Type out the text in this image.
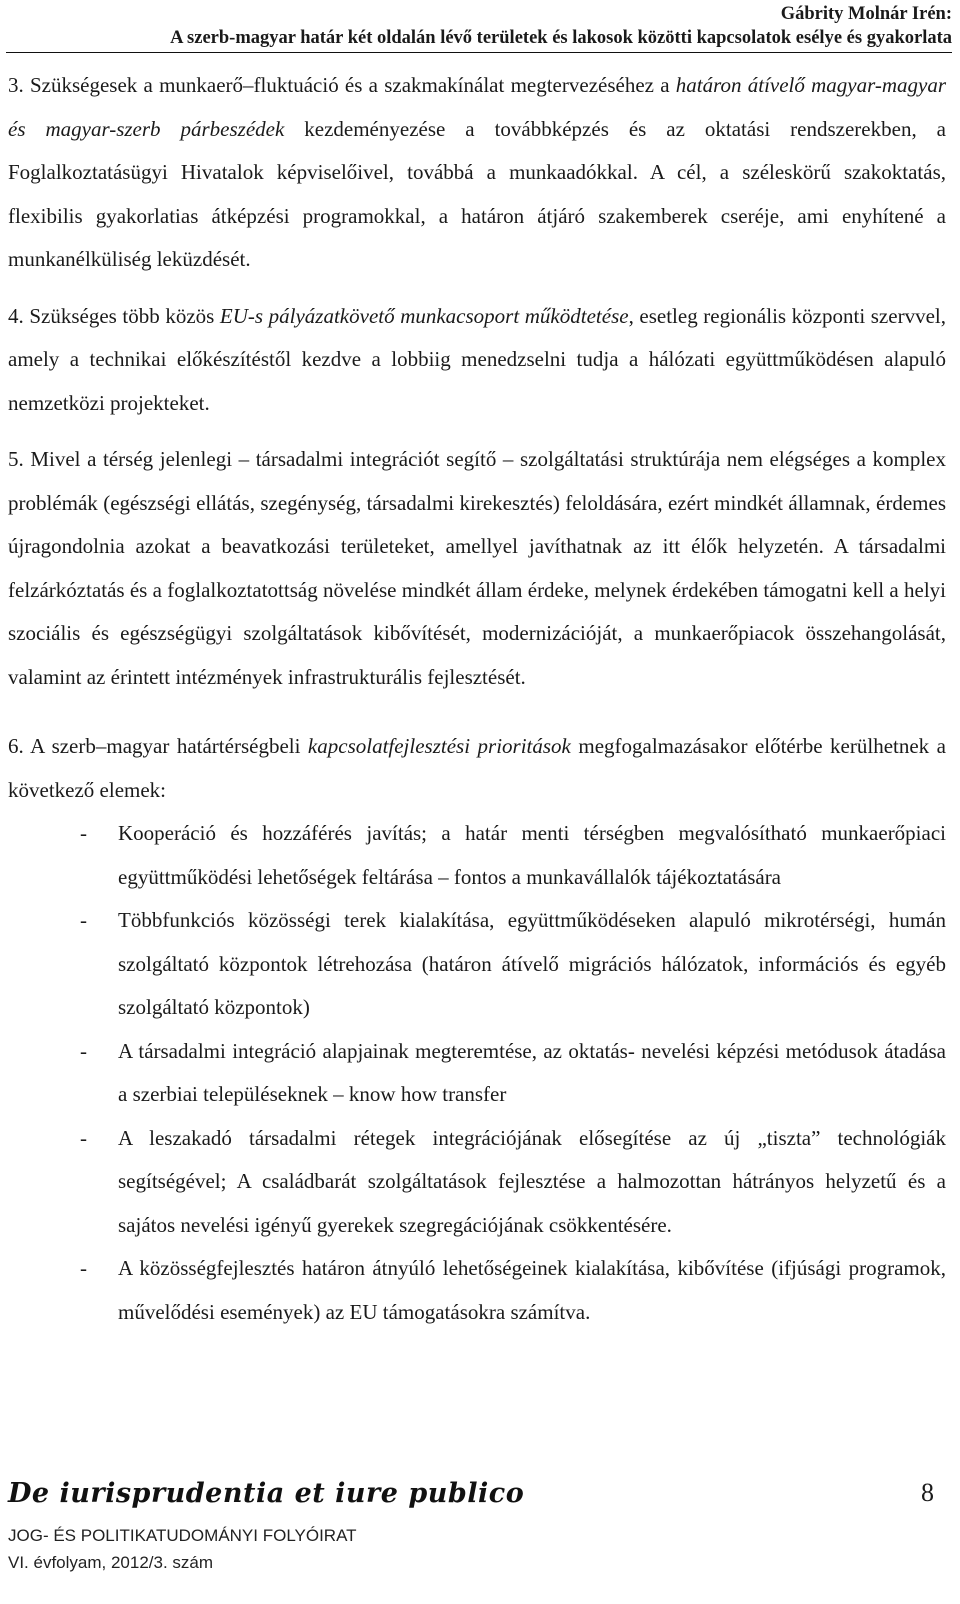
Gábrity Molnár Irén:
A szerb-magyar határ két oldalán lévő területek és lakosok közötti kapcsolatok esélye és gyakorlata

3. Szükségesek a munkaerő–fluktuáció és a szakmakínálat megtervezéséhez a határon átívelő magyar-magyar és magyar-szerb párbeszédek kezdeményezése a továbbképzés és az oktatási rendszerekben, a Foglalkoztatásügyi Hivatalok képviselőivel, továbbá a munkaadókkal. A cél, a széleskörű szakoktatás, flexibilis gyakorlatias átképzési programokkal, a határon átjáró szakemberek cseréje, ami enyhítené a munkanélküliség leküzdését.

4. Szükséges több közös EU-s pályázatkövető munkacsoport működtetése, esetleg regionális központi szervvel, amely a technikai előkészítéstől kezdve a lobbiig menedzselni tudja a hálózati együttműködésen alapuló nemzetközi projekteket.

5. Mivel a térség jelenlegi – társadalmi integrációt segítő – szolgáltatási struktúrája nem elégséges a komplex problémák (egészségi ellátás, szegénység, társadalmi kirekesztés) feloldására, ezért mindkét államnak, érdemes újragondolnia azokat a beavatkozási területeket, amellyel javíthatnak az itt élők helyzetén. A társadalmi felzárkóztatás és a foglalkoztatottság növelése mindkét állam érdeke, melynek érdekében támogatni kell a helyi szociális és egészségügyi szolgáltatások kibővítését, modernizációját, a munkaerőpiacok összehangolását, valamint az érintett intézmények infrastrukturális fejlesztését.

6. A szerb–magyar határtérségbeli kapcsolatfejlesztési prioritások megfogalmazásakor előtérbe kerülhetnek a következő elemek:

- Kooperáció és hozzáférés javítás; a határ menti térségben megvalósítható munkaerőpiaci együttműködési lehetőségek feltárása – fontos a munkavállalók tájékoztatására
- Többfunkciós közösségi terek kialakítása, együttműködéseken alapuló mikrotérségi, humán szolgáltató központok létrehozása (határon átívelő migrációs hálózatok, információs és egyéb szolgáltató központok)
- A társadalmi integráció alapjainak megteremtése, az oktatás- nevelési képzési metódusok átadása a szerbiai településeknek – know how transfer
- A leszakadó társadalmi rétegek integrációjának elősegítése az új „tiszta” technológiák segítségével; A családbarát szolgáltatások fejlesztése a halmozottan hátrányos helyzetű és a sajátos nevelési igényű gyerekek szegregációjának csökkentésére.
- A közösségfejlesztés határon átnyúló lehetőségeinek kialakítása, kibővítése (ifjúsági programok, művelődési események) az EU támogatásokra számítva.
De iurisprudentia et iure publico	8
JOG- ÉS POLITIKATUDOMÁNYI FOLYÓIRAT
VI. évfolyam, 2012/3. szám
